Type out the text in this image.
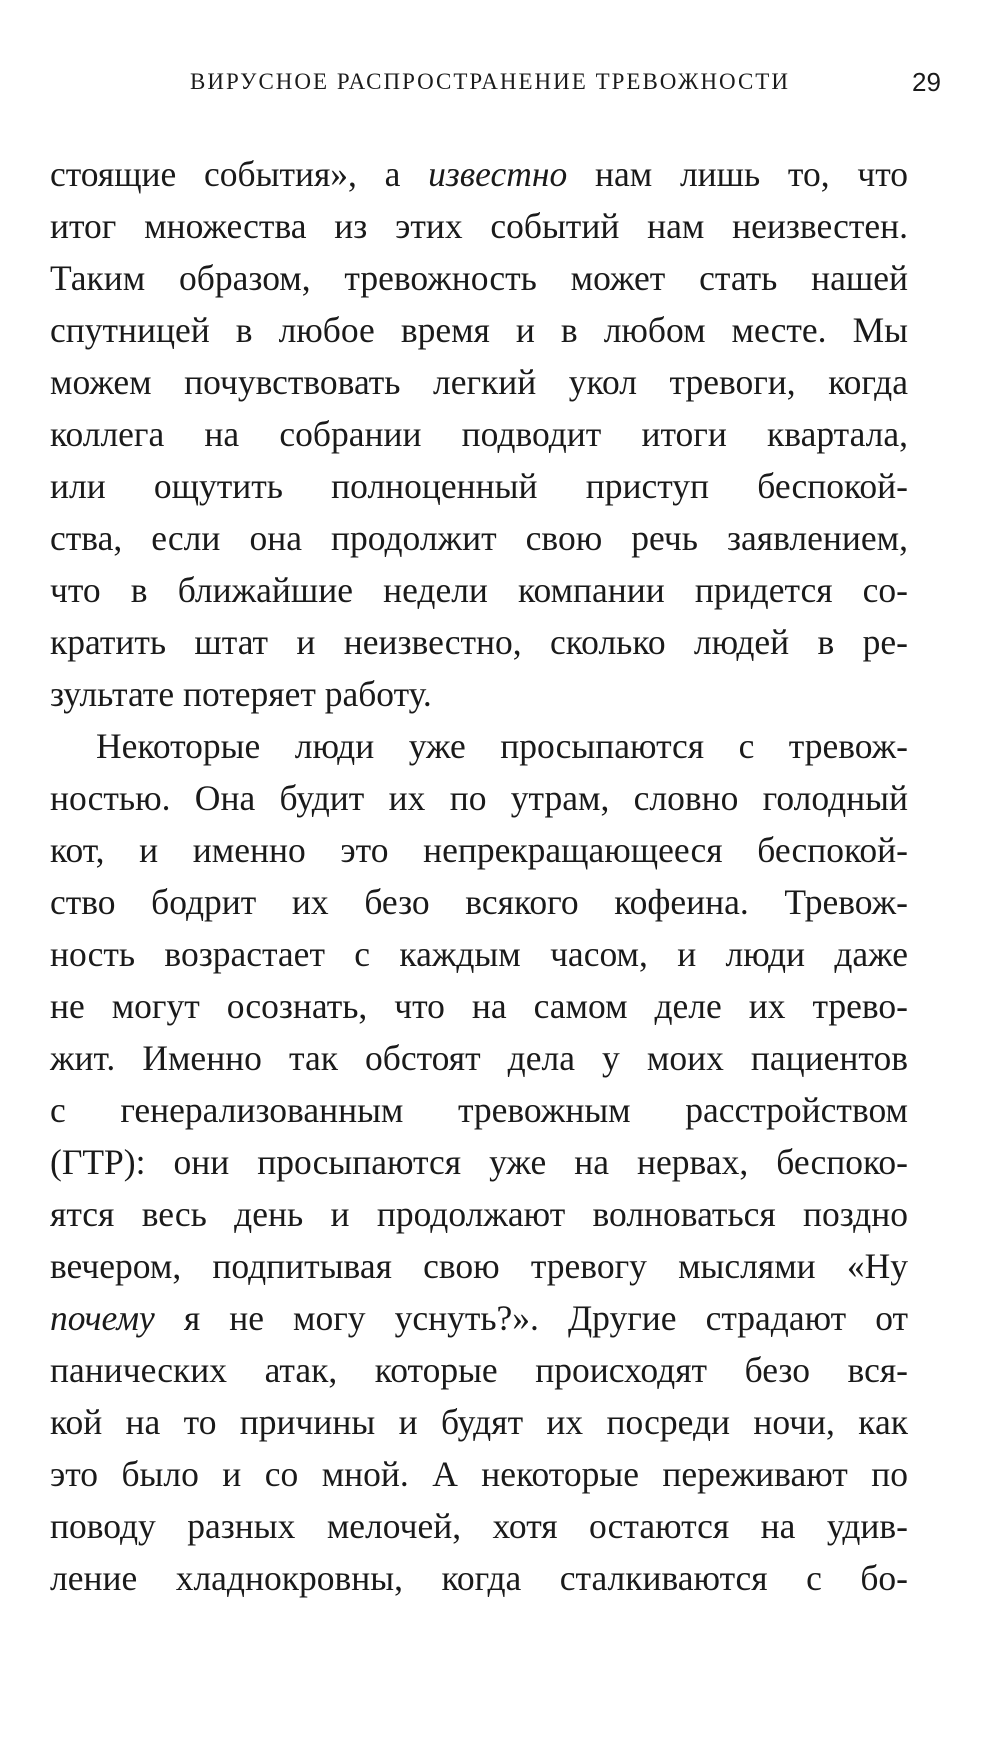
ВИРУСНОЕ РАСПРОСТРАНЕНИЕ ТРЕВОЖНОСТИ	29
стоящие события», а известно нам лишь то, что
итог множества из этих событий нам неизвестен.
Таким образом, тревожность может стать нашей
спутницей в любое время и в любом месте. Мы
можем почувствовать легкий укол тревоги, когда
коллега на собрании подводит итоги квартала,
или ощутить полноценный приступ беспокой-
ства, если она продолжит свою речь заявлением,
что в ближайшие недели компании придется со-
кратить штат и неизвестно, сколько людей в ре-
зультате потеряет работу.
Некоторые люди уже просыпаются с тревож-
ностью. Она будит их по утрам, словно голодный
кот, и именно это непрекращающееся беспокой-
ство бодрит их безо всякого кофеина. Тревож-
ность возрастает с каждым часом, и люди даже
не могут осознать, что на самом деле их трево-
жит. Именно так обстоят дела у моих пациентов
с генерализованным тревожным расстройством
(ГТР): они просыпаются уже на нервах, беспоко-
ятся весь день и продолжают волноваться поздно
вечером, подпитывая свою тревогу мыслями «Ну
почему я не могу уснуть?». Другие страдают от
панических атак, которые происходят безо вся-
кой на то причины и будят их посреди ночи, как
это было и со мной. А некоторые переживают по
поводу разных мелочей, хотя остаются на удив-
ление хладнокровны, когда сталкиваются с бо-
